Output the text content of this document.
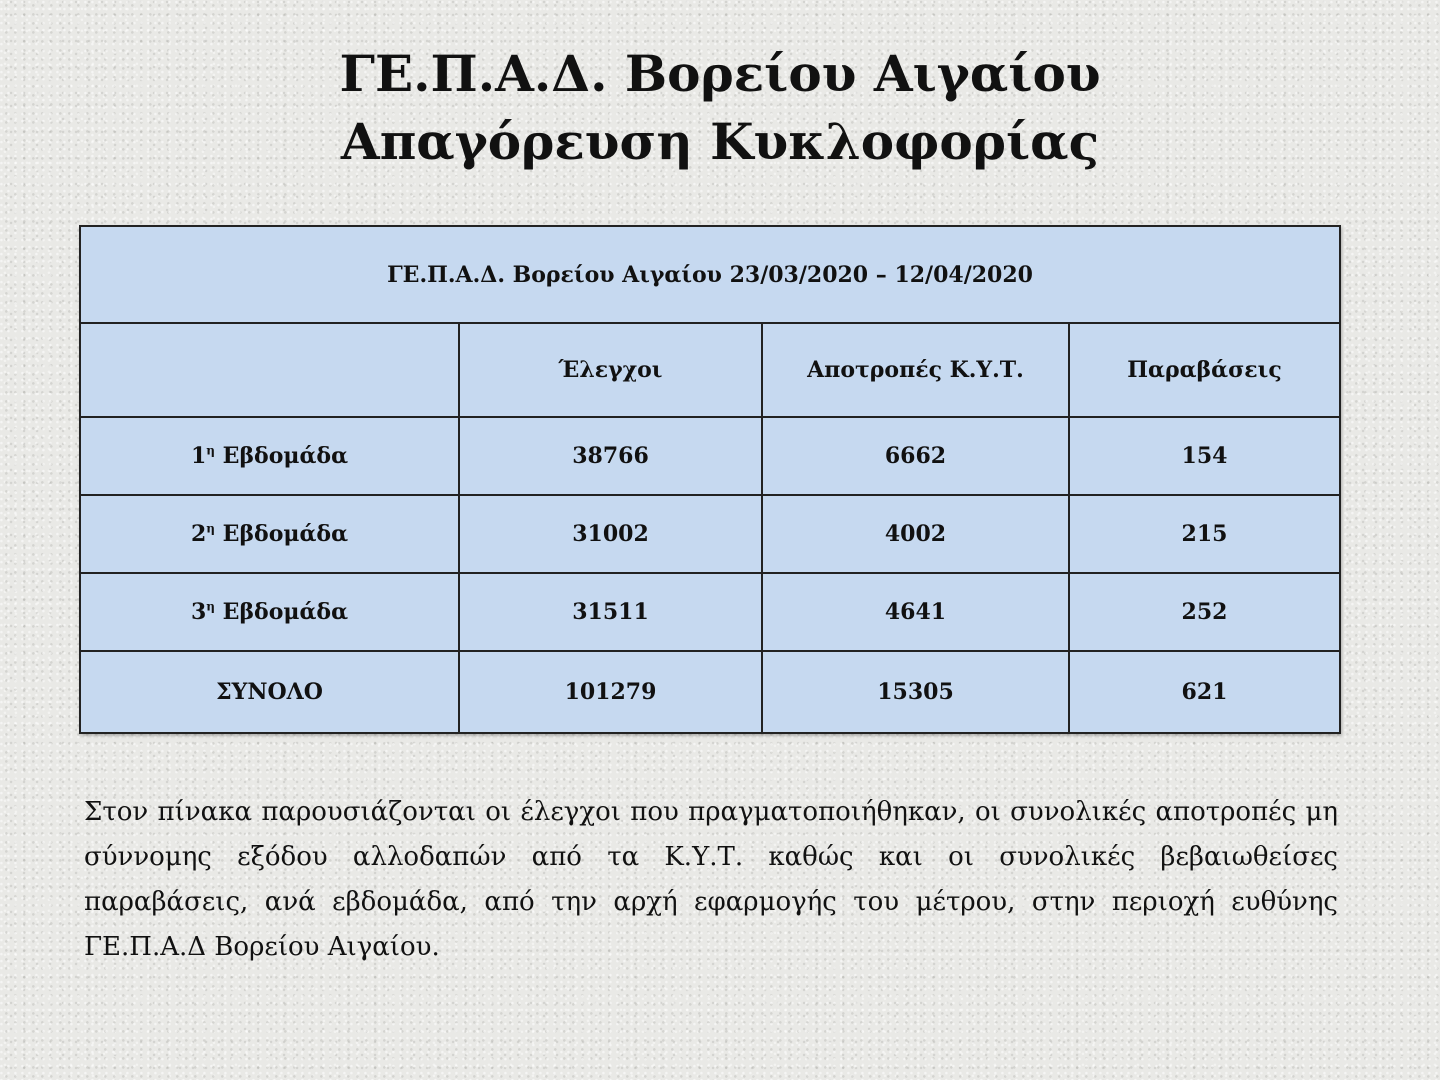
ΓΕ.Π.Α.Δ. Βορείου Αιγαίου
Απαγόρευση Κυκλοφορίας
ΓΕ.Π.Α.Δ. Βορείου Αιγαίου 23/03/2020 – 12/04/2020			
	Έλεγχοι	Αποτροπές Κ.Υ.Τ.	Παραβάσεις
$1^\eta$ Εβδομάδα	38766	6662	154
$2^\eta$ Εβδομάδα	31002	4002	215
$3^\eta$ Εβδομάδα	31511	4641	252
ΣΥΝΟΛΟ	101279	15305	621

Στον πίνακα παρουσιάζονται οι έλεγχοι που πραγματοποιήθηκαν, οι συνολικές αποτροπές μη σύννομης εξόδου αλλοδαπών από τα Κ.Υ.Τ. καθώς και οι συνολικές βεβαιωθείσες παραβάσεις, ανά εβδομάδα, από την αρχή εφαρμογής του μέτρου, στην περιοχή ευθύνης ΓΕ.Π.Α.Δ Βορείου Αιγαίου.
